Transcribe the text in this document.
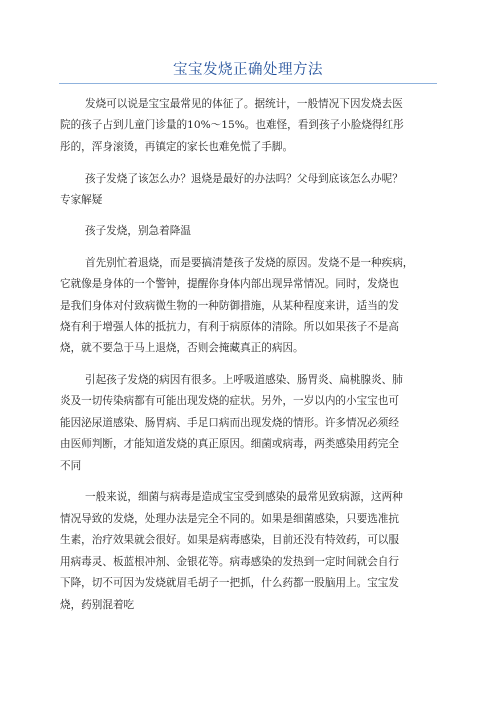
宝宝发烧正确处理方法
发烧可以说是宝宝最常见的体征了。据统计，一般情况下因发烧去医
院的孩子占到儿童门诊量的10%～15%。也难怪，看到孩子小脸烧得红彤
彤的，浑身滚烫，再镇定的家长也难免慌了手脚。
孩子发烧了该怎么办？退烧是最好的办法吗？父母到底该怎么办呢？
专家解疑
孩子发烧，别急着降温
首先别忙着退烧，而是要搞清楚孩子发烧的原因。发烧不是一种疾病，
它就像是身体的一个警钟，提醒你身体内部出现异常情况。同时，发烧也
是我们身体对付致病微生物的一种防御措施，从某种程度来讲，适当的发
烧有利于增强人体的抵抗力，有利于病原体的清除。所以如果孩子不是高
烧，就不要急于马上退烧，否则会掩藏真正的病因。
引起孩子发烧的病因有很多。上呼吸道感染、肠胃炎、扁桃腺炎、肺
炎及一切传染病都有可能出现发烧的症状。另外，一岁以内的小宝宝也可
能因泌尿道感染、肠胃病、手足口病而出现发烧的情形。许多情况必须经
由医师判断，才能知道发烧的真正原因。细菌或病毒，两类感染用药完全
不同
一般来说，细菌与病毒是造成宝宝受到感染的最常见致病源，这两种
情况导致的发烧，处理办法是完全不同的。如果是细菌感染，只要选准抗
生素，治疗效果就会很好。如果是病毒感染，目前还没有特效药，可以服
用病毒灵、板蓝根冲剂、金银花等。病毒感染的发热到一定时间就会自行
下降，切不可因为发烧就眉毛胡子一把抓，什么药都一股脑用上。宝宝发
烧，药别混着吃
